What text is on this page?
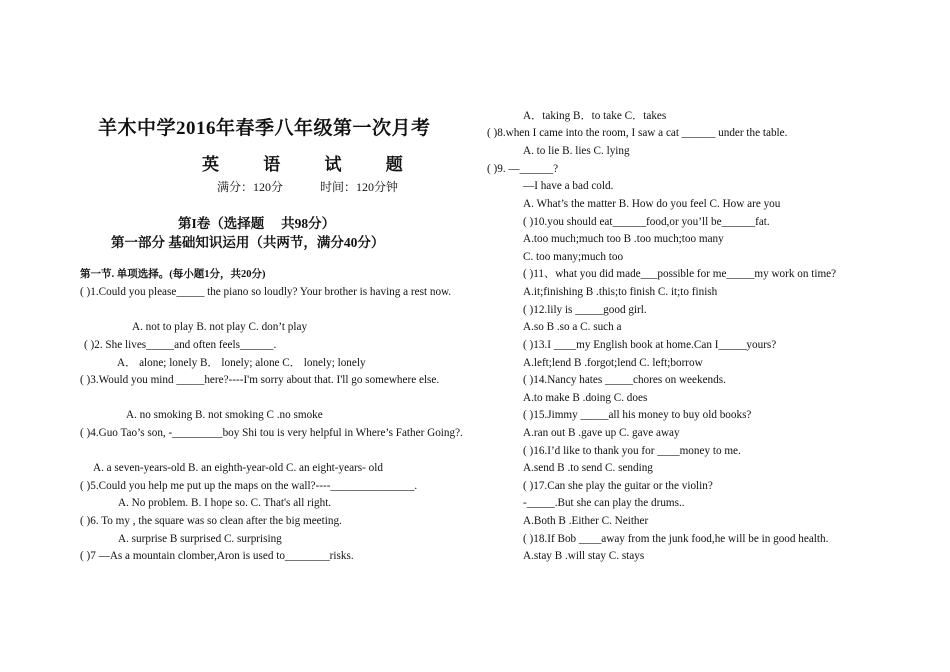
羊木中学2016年春季八年级第一次月考
英 语 试 题
满分：120分	时间：120分钟
第I卷（选择题　 共98分）
第一部分 基础知识运用（共两节，满分40分）
第一节. 单项选择。(每小题1分，共20分)
( )1.Could you please_____ the piano so loudly? Your brother is having a rest now.
A. not to play B. not play C. don’t play
( )2. She lives_____and often feels______.
A． alone; lonely B． lonely; alone C． lonely; lonely
( )3.Would you mind _____here?----I'm sorry about that. I'll go somewhere else.
A. no smoking B. not smoking C .no smoke
( )4.Guo Tao’s son, -_________boy Shi tou is very helpful in Where’s Father Going?.
A. a seven-years-old B. an eighth-year-old C. an eight-years- old
( )5.Could you help me put up the maps on the wall?----_______________.
A. No problem. B. I hope so. C. That's all right.
( )6. To my , the square was so clean after the big meeting.
A. surprise B surprised C. surprising
( )7 —As a mountain clomber,Aron is used to________risks.
A．taking B．to take C．takes
( )8.when I came into the room, I saw a cat ______ under the table.
A. to lie B. lies C. lying
( )9. —______?
—I have a bad cold.
A. What’s the matter B. How do you feel C. How are you
( )10.you should eat______food,or you’ll be______fat.
A.too much;much too B .too much;too many
C. too many;much too
( )11、what you did made___possible for me_____my work on time?
A.it;finishing B .this;to finish C. it;to finish
( )12.lily is _____good girl.
A.so B .so a C. such a
( )13.I ____my English book at home.Can I_____yours?
A.left;lend B .forgot;lend C. left;borrow
( )14.Nancy hates _____chores on weekends.
A.to make B .doing C. does
( )15.Jimmy _____all his money to buy old books?
A.ran out B .gave up C. gave away
( )16.I’d like to thank you for ____money to me.
A.send B .to send C. sending
( )17.Can she play the guitar or the violin?
-_____.But she can play the drums..
A.Both B .Either C. Neither
( )18.If Bob ____away from the junk food,he will be in good health.
A.stay B .will stay C. stays
